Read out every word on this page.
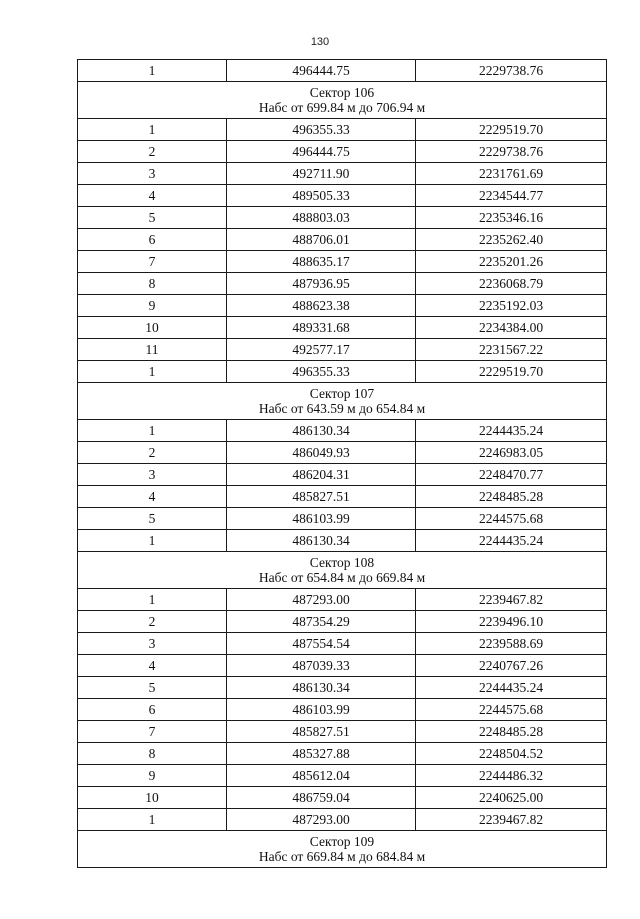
130
1	496444.75	2229738.76

Сектор 106
Набс от 699.84 м до 706.94 м		

1	496355.33	2229519.70
2	496444.75	2229738.76
3	492711.90	2231761.69
4	489505.33	2234544.77
5	488803.03	2235346.16
6	488706.01	2235262.40
7	488635.17	2235201.26
8	487936.95	2236068.79
9	488623.38	2235192.03
10	489331.68	2234384.00
11	492577.17	2231567.22
1	496355.33	2229519.70

Сектор 107
Набс от 643.59 м до 654.84 м		

1	486130.34	2244435.24
2	486049.93	2246983.05
3	486204.31	2248470.77
4	485827.51	2248485.28
5	486103.99	2244575.68
1	486130.34	2244435.24

Сектор 108
Набс от 654.84 м до 669.84 м		

1	487293.00	2239467.82
2	487354.29	2239496.10
3	487554.54	2239588.69
4	487039.33	2240767.26
5	486130.34	2244435.24
6	486103.99	2244575.68
7	485827.51	2248485.28
8	485327.88	2248504.52
9	485612.04	2244486.32
10	486759.04	2240625.00
1	487293.00	2239467.82

Сектор 109
Набс от 669.84 м до 684.84 м		
